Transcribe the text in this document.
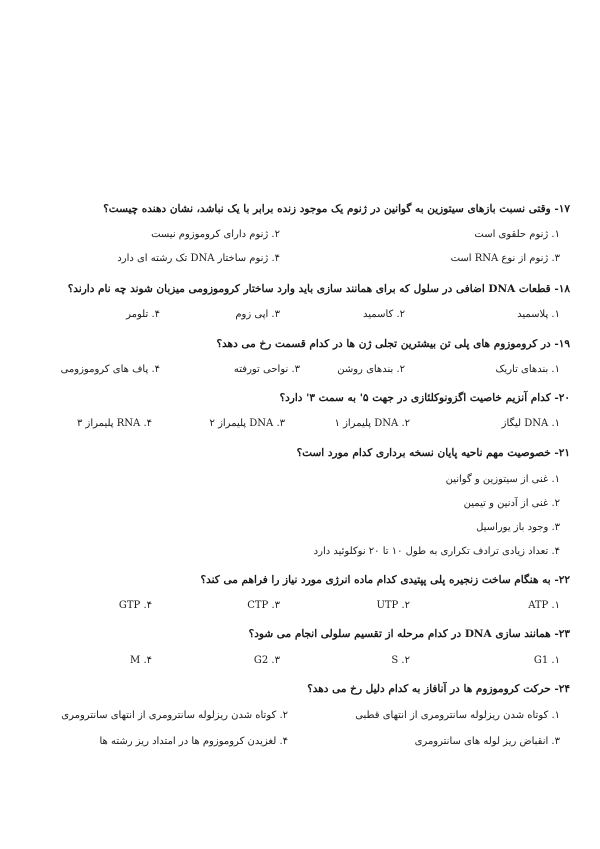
۱۷- وقتی نسبت بازهای سیتوزین به گوانین در ژنوم یک موجود زنده برابر با یک نباشد، نشان دهنده چیست؟
۱. ژنوم حلقوی است
۲. ژنوم دارای کروموزوم نیست
۳. ژنوم از نوع RNA است
۴. ژنوم ساختار DNA تک رشته ای دارد
۱۸- قطعات DNA اضافی در سلول که برای همانند سازی باید وارد ساختار کروموزومی میزبان شوند چه نام دارند؟
۱. پلاسمید
۲. کاسمید
۳. اپی زوم
۴. تلومر
۱۹- در کروموزوم های پلی تن بیشترین تجلی ژن ها در کدام قسمت رخ می دهد؟
۱. بندهای تاریک
۲. بندهای روشن
۳. نواحی تورفته
۴. پاف های کروموزومی
۲۰- کدام آنزیم خاصیت اگزونوکلئازی در جهت ۵' به سمت ۳' دارد؟
۱. DNA لیگاز
۲. DNA پلیمراز ۱
۳. DNA پلیمراز ۲
۴. RNA پلیمراز ۳
۲۱- خصوصیت مهم ناحیه پایان نسخه برداری کدام مورد است؟
۱. غنی از سیتوزین و گوانین
۲. غنی از آدنین و تیمین
۳. وجود باز یوراسیل
۴. تعداد زیادی ترادف تکراری به طول ۱۰ تا ۲۰ نوکلوئید دارد
۲۲- به هنگام ساخت زنجیره پلی پپتیدی کدام ماده انرژی مورد نیاز را فراهم می کند؟
ATP .۱
UTP .۲
CTP .۳
GTP .۴
۲۳- همانند سازی DNA در کدام مرحله از تقسیم سلولی انجام می شود؟
G1 .۱
S .۲
G2 .۳
M .۴
۲۴- حرکت کروموزوم ها در آنافاز به کدام دلیل رخ می دهد؟
۱. کوتاه شدن ریزلوله سانترومری از انتهای قطبی
۲. کوتاه شدن ریزلوله سانترومری از انتهای سانترومری
۳. انقباض ریز لوله های سانترومری
۴. لغزیدن کروموزوم ها در امتداد ریز رشته ها
